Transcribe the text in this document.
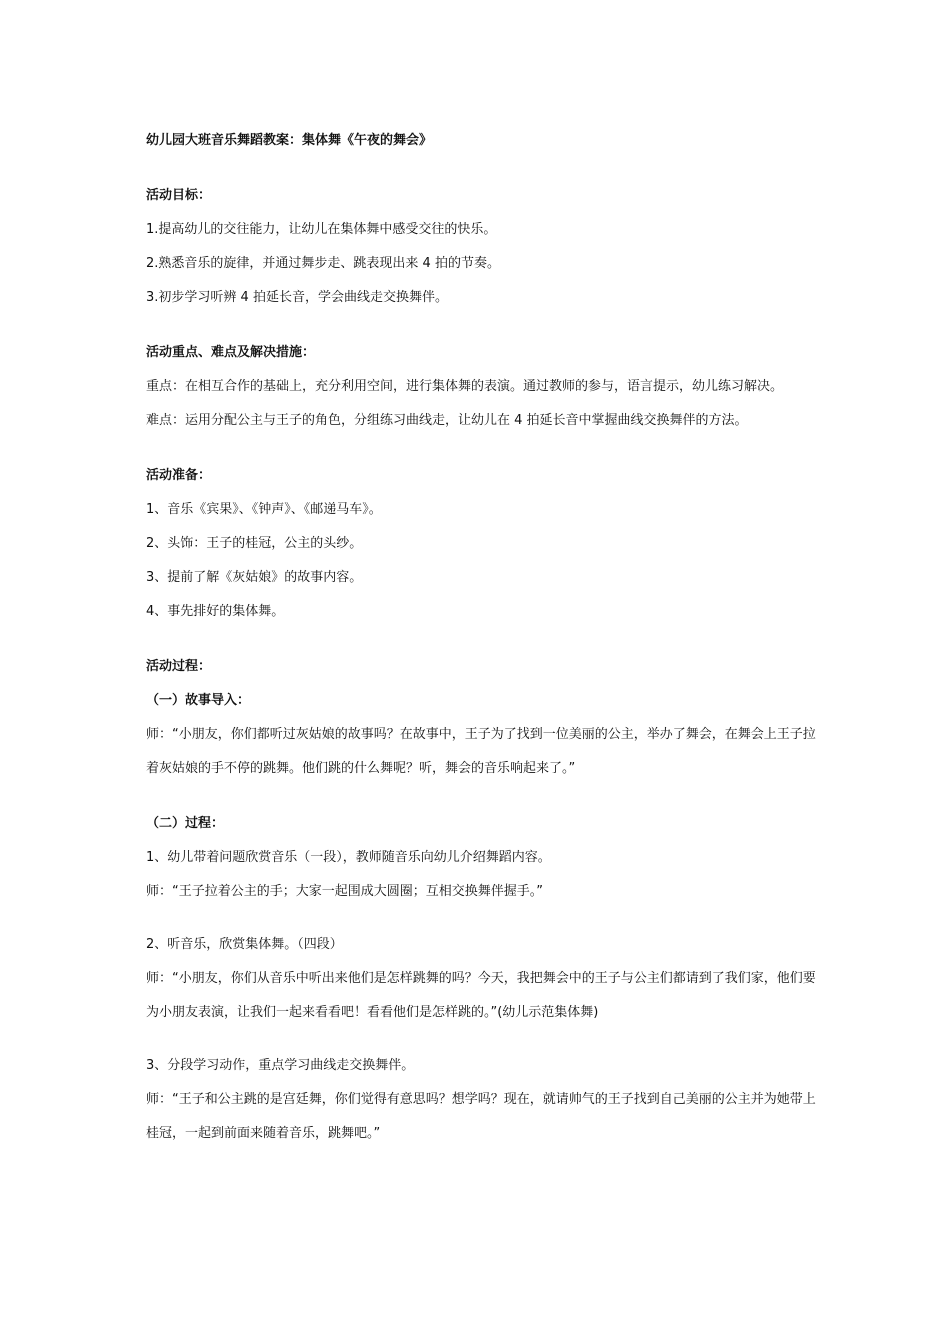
幼儿园大班音乐舞蹈教案：集体舞《午夜的舞会》

活动目标：

1.提高幼儿的交往能力，让幼儿在集体舞中感受交往的快乐。

2.熟悉音乐的旋律，并通过舞步走、跳表现出来 4 拍的节奏。

3.初步学习听辨 4 拍延长音，学会曲线走交换舞伴。

活动重点、难点及解决措施：

重点：在相互合作的基础上，充分利用空间，进行集体舞的表演。通过教师的参与，语言提示，幼儿练习解决。

难点：运用分配公主与王子的角色，分组练习曲线走，让幼儿在 4 拍延长音中掌握曲线交换舞伴的方法。

活动准备：

1、音乐《宾果》、《钟声》、《邮递马车》。

2、头饰：王子的桂冠，公主的头纱。

3、提前了解《灰姑娘》的故事内容。

4、事先排好的集体舞。

活动过程：

（一）故事导入：

师：“小朋友，你们都听过灰姑娘的故事吗？在故事中，王子为了找到一位美丽的公主，举办了舞会，在舞会上王子拉着灰姑娘的手不停的跳舞。他们跳的什么舞呢？听，舞会的音乐响起来了。”

（二）过程：

1、幼儿带着问题欣赏音乐（一段），教师随音乐向幼儿介绍舞蹈内容。

师：“王子拉着公主的手；大家一起围成大圆圈；互相交换舞伴握手。”

2、听音乐，欣赏集体舞。（四段）

师：“小朋友，你们从音乐中听出来他们是怎样跳舞的吗？今天，我把舞会中的王子与公主们都请到了我们家，他们要为小朋友表演，让我们一起来看看吧！看看他们是怎样跳的。”(幼儿示范集体舞)

3、分段学习动作，重点学习曲线走交换舞伴。

师：“王子和公主跳的是宫廷舞，你们觉得有意思吗？想学吗？现在，就请帅气的王子找到自己美丽的公主并为她带上桂冠，一起到前面来随着音乐，跳舞吧。”
